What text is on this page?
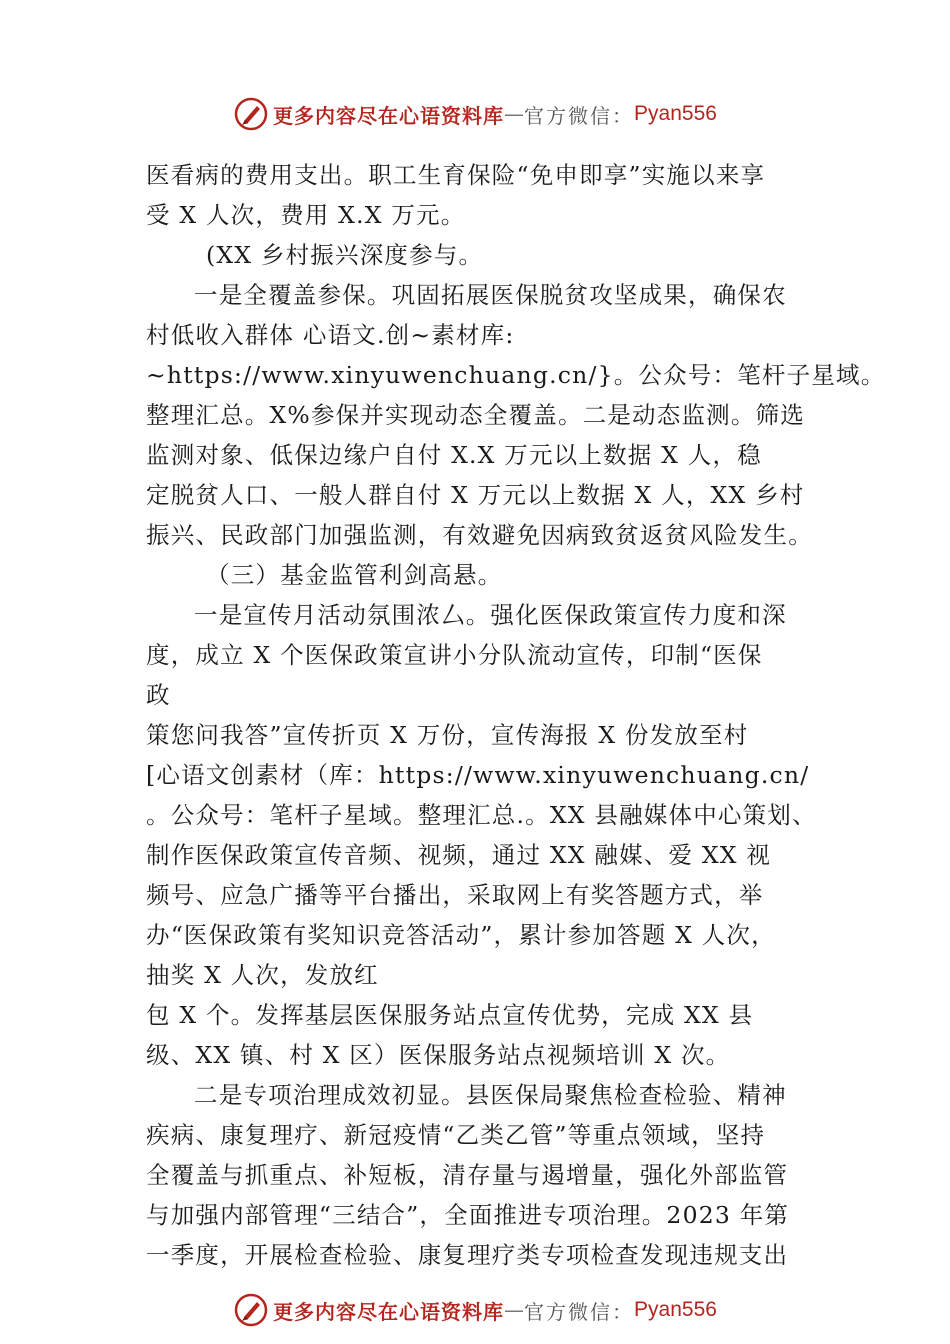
更多内容尽在心语资料库 — 官方微信： Pyan556
医看病的费用支出。职工生育保险“免申即享”实施以来享
受 X 人次，费用 X.X 万元。
(XX 乡村振兴深度参与。
一是全覆盖参保。巩固拓展医保脱贫攻坚成果，确保农
村低收入群体 心语文.创~素材库:
~https://www.xinyuwenchuang.cn/}。公众号：笔杆子星域。
整理汇总。X%参保并实现动态全覆盖。二是动态监测。筛选
监测对象、低保边缘户自付 X.X 万元以上数据 X 人，稳
定脱贫人口、一般人群自付 X 万元以上数据 X 人，XX 乡村
振兴、民政部门加强监测，有效避免因病致贫返贫风险发生。
（三）基金监管利剑高悬。
一是宣传月活动氛围浓厶。强化医保政策宣传力度和深
度，成立 X 个医保政策宣讲小分队流动宣传，印制“医保
政
策您问我答”宣传折页 X 万份，宣传海报 X 份发放至村
[心语文创素材（库：https://www.xinyuwenchuang.cn/
。公众号：笔杆子星域。整理汇总.。XX 县融媒体中心策划、
制作医保政策宣传音频、视频，通过 XX 融媒、爱 XX 视
频号、应急广播等平台播出，采取网上有奖答题方式，举
办“医保政策有奖知识竞答活动”，累计参加答题 X 人次，
抽奖 X 人次，发放红
包 X 个。发挥基层医保服务站点宣传优势，完成 XX 县
级、XX 镇、村 X 区）医保服务站点视频培训 X 次。
二是专项治理成效初显。县医保局聚焦检查检验、精神
疾病、康复理疗、新冠疫情“乙类乙管”等重点领域，坚持
全覆盖与抓重点、补短板，清存量与遏增量，强化外部监管
与加强内部管理“三结合”，全面推进专项治理。2023 年第
一季度，开展检查检验、康复理疗类专项检查发现违规支出
更多内容尽在心语资料库 — 官方微信： Pyan556
